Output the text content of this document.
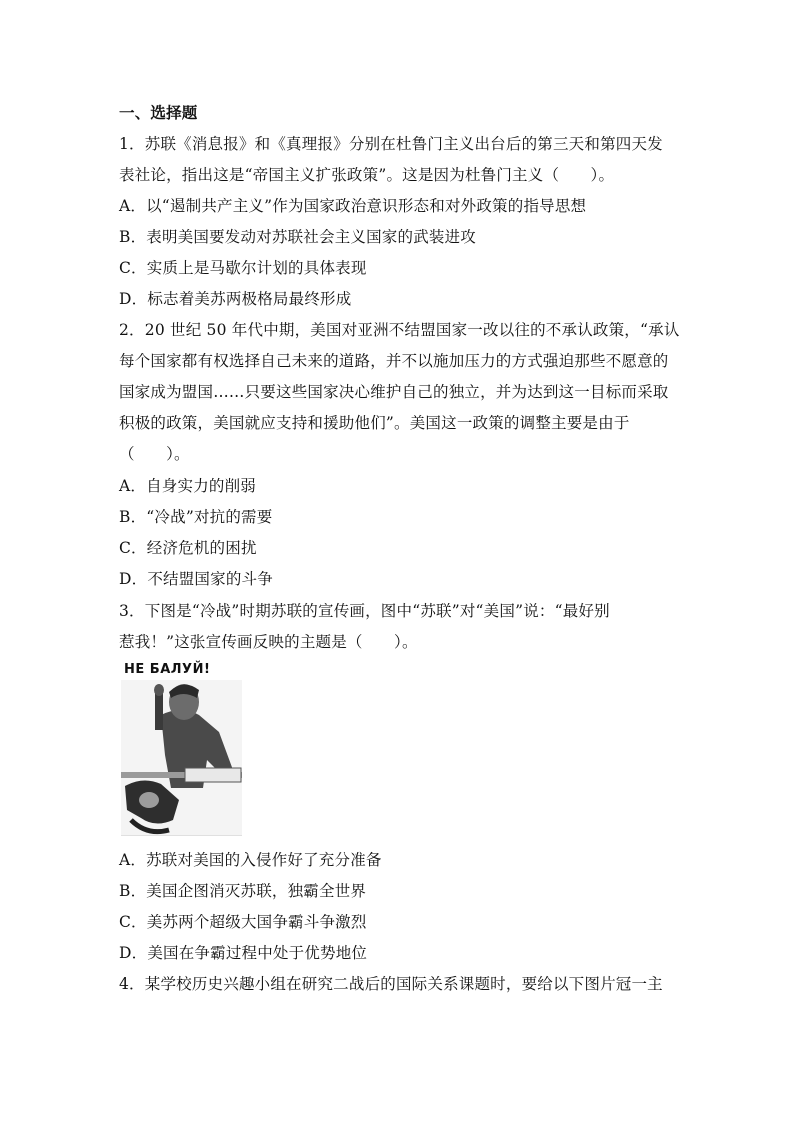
一、选择题
1．苏联《消息报》和《真理报》分别在杜鲁门主义出台后的第三天和第四天发
表社论，指出这是“帝国主义扩张政策”。这是因为杜鲁门主义（　　）。
A．以“遏制共产主义”作为国家政治意识形态和对外政策的指导思想
B．表明美国要发动对苏联社会主义国家的武装进攻
C．实质上是马歇尔计划的具体表现
D．标志着美苏两极格局最终形成
2．20 世纪 50 年代中期，美国对亚洲不结盟国家一改以往的不承认政策，“承认
每个国家都有权选择自己未来的道路，并不以施加压力的方式强迫那些不愿意的
国家成为盟国……只要这些国家决心维护自己的独立，并为达到这一目标而采取
积极的政策，美国就应支持和援助他们”。美国这一政策的调整主要是由于
（　　）。
A．自身实力的削弱
B．“冷战”对抗的需要
C．经济危机的困扰
D．不结盟国家的斗争
3．下图是“冷战”时期苏联的宣传画，图中“苏联”对“美国”说：“最好别
惹我！”这张宣传画反映的主题是（　　）。
НЕ БАЛУЙ!
A．苏联对美国的入侵作好了充分准备
B．美国企图消灭苏联，独霸全世界
C．美苏两个超级大国争霸斗争激烈
D．美国在争霸过程中处于优势地位
4．某学校历史兴趣小组在研究二战后的国际关系课题时，要给以下图片冠一主
